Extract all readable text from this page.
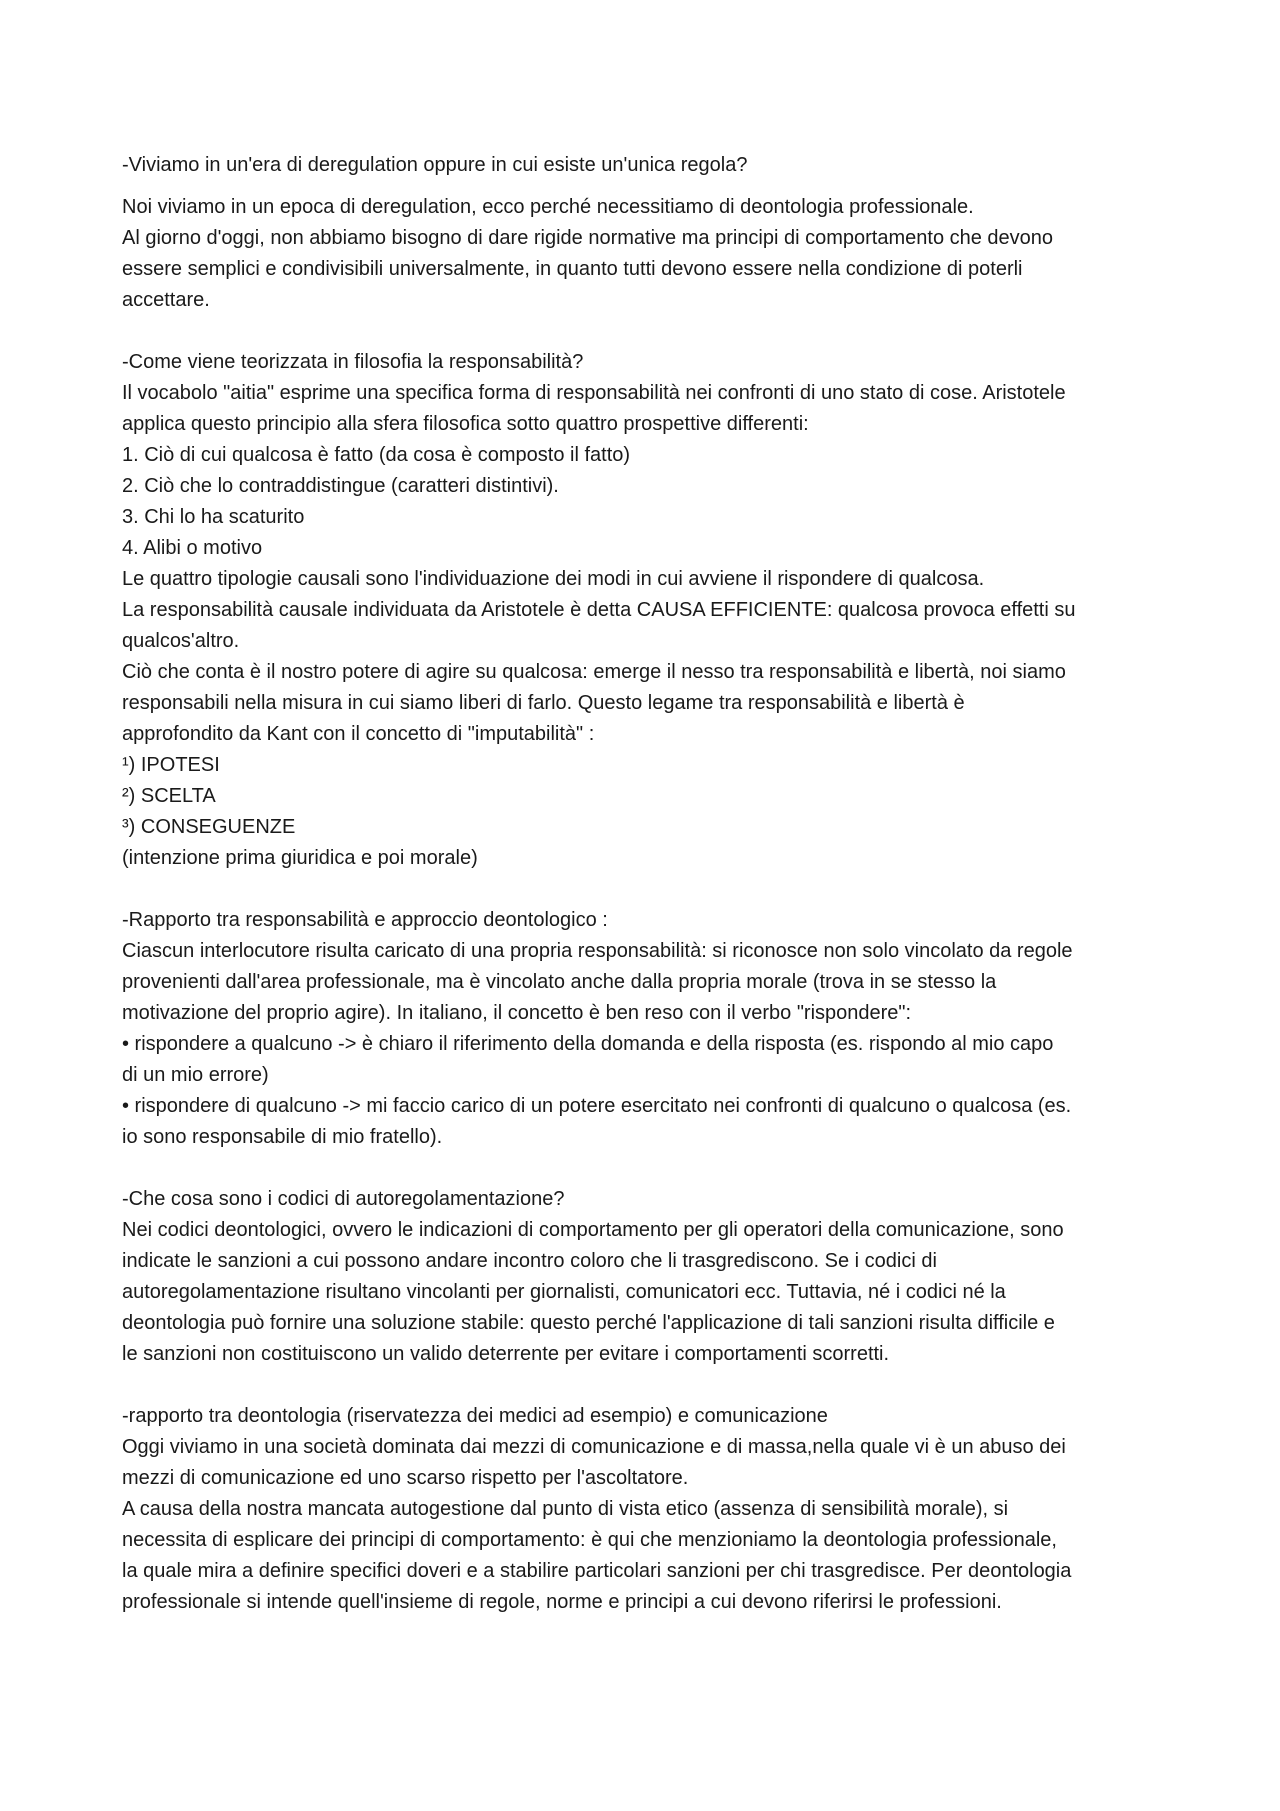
-Viviamo in un'era di deregulation oppure in cui esiste un'unica regola?
Noi viviamo in un epoca di deregulation, ecco perché necessitiamo di deontologia professionale.
Al giorno d'oggi, non abbiamo bisogno di dare rigide normative ma principi di comportamento che devono
essere semplici e condivisibili universalmente, in quanto tutti devono essere nella condizione di poterli
accettare.
-Come viene teorizzata in filosofia la responsabilità?
Il vocabolo "aitia" esprime una specifica forma di responsabilità nei confronti di uno stato di cose. Aristotele
applica questo principio alla sfera filosofica sotto quattro prospettive differenti:
1. Ciò di cui qualcosa è fatto (da cosa è composto il fatto)
2. Ciò che lo contraddistingue (caratteri distintivi).
3. Chi lo ha scaturito
4. Alibi o motivo
Le quattro tipologie causali sono l'individuazione dei modi in cui avviene il rispondere di qualcosa.
La responsabilità causale individuata da Aristotele è detta CAUSA EFFICIENTE: qualcosa provoca effetti su
qualcos'altro.
Ciò che conta è il nostro potere di agire su qualcosa: emerge il nesso tra responsabilità e libertà, noi siamo
responsabili nella misura in cui siamo liberi di farlo. Questo legame tra responsabilità e libertà è
approfondito da Kant con il concetto di "imputabilità" :
¹) IPOTESI
²) SCELTA
³) CONSEGUENZE
(intenzione prima giuridica e poi morale)
-Rapporto tra responsabilità e approccio deontologico :
Ciascun interlocutore risulta caricato di una propria responsabilità: si riconosce non solo vincolato da regole
provenienti dall'area professionale, ma è vincolato anche dalla propria morale (trova in se stesso la
motivazione del proprio agire). In italiano, il concetto è ben reso con il verbo "rispondere":
• rispondere a qualcuno -> è chiaro il riferimento della domanda e della risposta (es. rispondo al mio capo
di un mio errore)
• rispondere di qualcuno -> mi faccio carico di un potere esercitato nei confronti di qualcuno o qualcosa (es.
io sono responsabile di mio fratello).
-Che cosa sono i codici di autoregolamentazione?
Nei codici deontologici, ovvero le indicazioni di comportamento per gli operatori della comunicazione, sono
indicate le sanzioni a cui possono andare incontro coloro che li trasgrediscono. Se i codici di
autoregolamentazione risultano vincolanti per giornalisti, comunicatori ecc. Tuttavia, né i codici né la
deontologia può fornire una soluzione stabile: questo perché l'applicazione di tali sanzioni risulta difficile e
le sanzioni non costituiscono un valido deterrente per evitare i comportamenti scorretti.
-rapporto tra deontologia (riservatezza dei medici ad esempio) e comunicazione
Oggi viviamo in una società dominata dai mezzi di comunicazione e di massa,nella quale vi è un abuso dei
mezzi di comunicazione ed uno scarso rispetto per l'ascoltatore.
A causa della nostra mancata autogestione dal punto di vista etico (assenza di sensibilità morale), si
necessita di esplicare dei principi di comportamento: è qui che menzioniamo la deontologia professionale,
la quale mira a definire specifici doveri e a stabilire particolari sanzioni per chi trasgredisce. Per deontologia
professionale si intende quell'insieme di regole, norme e principi a cui devono riferirsi le professioni.
